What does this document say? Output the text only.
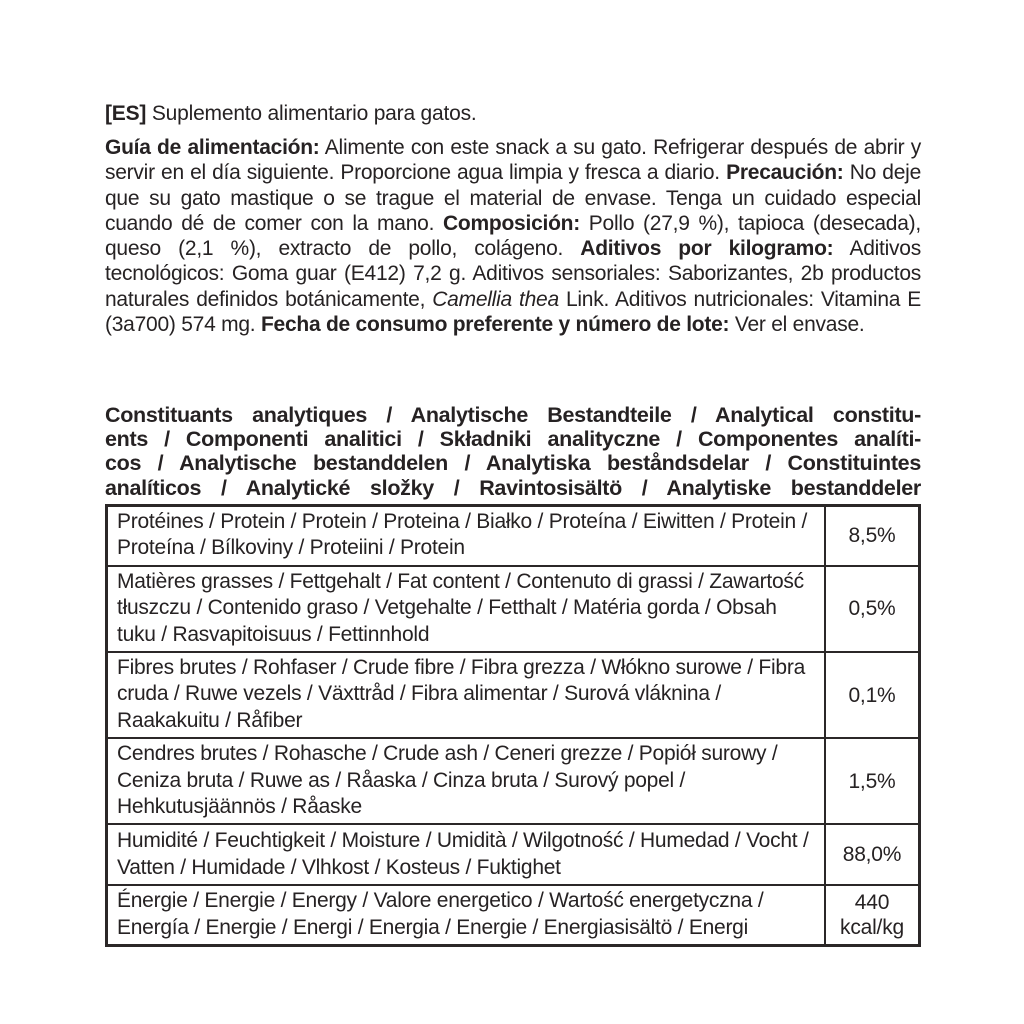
[ES] Suplemento alimentario para gatos.

Guía de alimentación: Alimente con este snack a su gato. Refrigerar después de abrir y servir en el día siguiente. Proporcione agua limpia y fresca a diario. Precaución: No deje que su gato mastique o se trague el material de envase. Tenga un cuidado especial cuando dé de comer con la mano. Composición: Pollo (27,9 %), tapioca (desecada), queso (2,1 %), extracto de pollo, colágeno. Aditivos por kilogramo: Aditivos tecnológicos: Goma guar (E412) 7,2 g. Aditivos sensoriales: Saborizantes, 2b productos naturales definidos botánicamente, Camellia thea Link. Aditivos nutricionales: Vitamina E (3a700) 574 mg. Fecha de consumo preferente y número de lote: Ver el envase.

Constituants analytiques / Analytische Bestandteile / Analytical constitu-
ents / Componenti analitici / Składniki analityczne / Componentes analíti-
cos / Analytische bestanddelen / Analytiska beståndsdelar / Constituintes
analíticos / Analytické složky / Ravintosisältö / Analytiske bestanddeler
Protéines / Protein / Protein / Proteina / Białko / Proteína / Eiwitten / Protein / Proteína / Bílkoviny / Proteiini / Protein
8,5%
Matières grasses / Fettgehalt / Fat content / Contenuto di grassi / Zawartość tłuszczu / Contenido graso / Vetgehalte / Fetthalt / Matéria gorda / Obsah tuku / Rasvapitoisuus / Fettinnhold
0,5%
Fibres brutes / Rohfaser / Crude fibre / Fibra grezza / Włókno surowe / Fibra cruda / Ruwe vezels / Växttråd / Fibra alimentar / Surová vláknina / Raakakuitu / Råfiber
0,1%
Cendres brutes / Rohasche / Crude ash / Ceneri grezze / Popiół surowy / Ceniza bruta / Ruwe as / Råaska / Cinza bruta / Surový popel / Hehkutusjäännös / Råaske
1,5%
Humidité / Feuchtigkeit / Moisture / Umidità / Wilgotność / Humedad / Vocht / Vatten / Humidade / Vlhkost / Kosteus / Fuktighet
88,0%
Énergie / Energie / Energy / Valore energetico / Wartość energetyczna / Energía / Energie / Energi / Energia / Energie / Energiasisältö / Energi
440 kcal/kg
